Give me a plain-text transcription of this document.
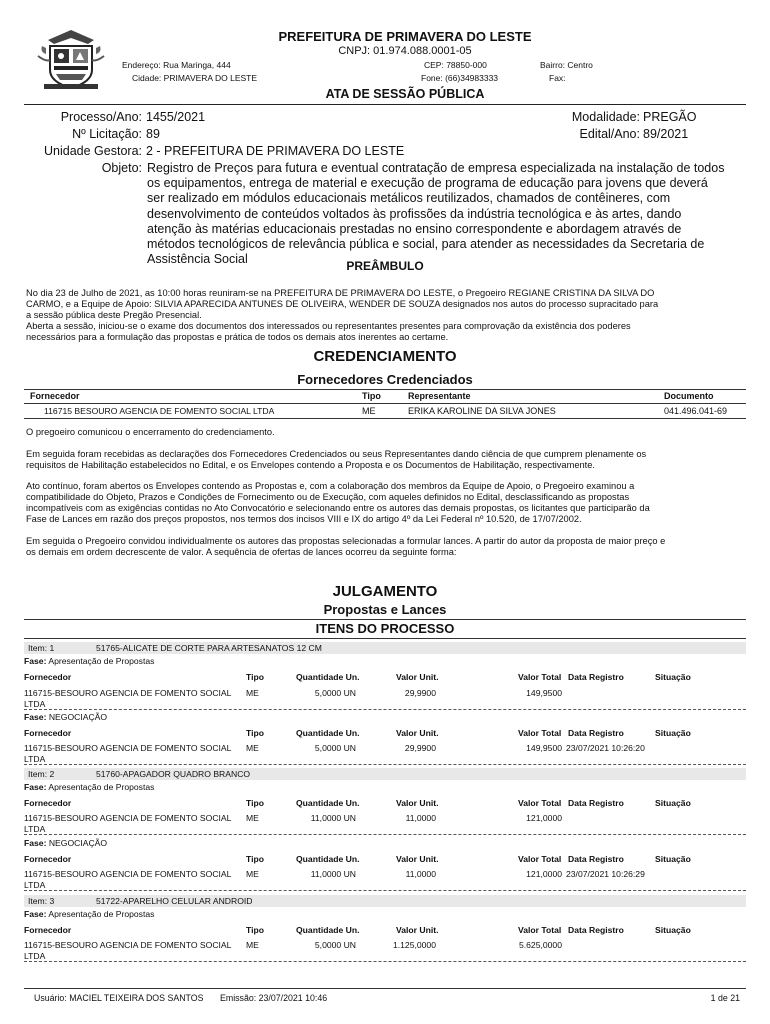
PREFEITURA DE PRIMAVERA DO LESTE
CNPJ: 01.974.088.0001-05
Endereço: Rua Maringa, 444
Cidade: PRIMAVERA DO LESTE
CEP: 78850-000
Fone: (66)34983333
Bairro: Centro
Fax:
ATA DE SESSÃO PÚBLICA
Processo/Ano: 1455/2021
Nº Licitação: 89
Unidade Gestora: 2 - PREFEITURA DE PRIMAVERA DO LESTE
Objeto:
Modalidade: PREGÃO
Edital/Ano: 89/2021
Registro de Preços para futura e eventual contratação de empresa especializada na instalação de todos
os equipamentos, entrega de material e execução de programa de educação para jovens que deverá
ser realizado em módulos educacionais metálicos reutilizados, chamados de contêineres, com
desenvolvimento de conteúdos voltados às profissões da indústria tecnológica e às artes, dando
atenção às matérias educacionais prestadas no ensino correspondente e abordagem através de
métodos tecnológicos de relevância pública e social, para atender as necessidades da Secretaria de
Assistência Social	PREÂMBULO
No dia 23 de Julho de 2021, as 10:00 horas reuniram-se na PREFEITURA DE PRIMAVERA DO LESTE, o Pregoeiro REGIANE CRISTINA DA SILVA DO
CARMO, e a Equipe de Apoio: SILVIA APARECIDA ANTUNES DE OLIVEIRA, WENDER DE SOUZA designados nos autos do processo supracitado para
a sessão pública deste Pregão Presencial.
Aberta a sessão, iniciou-se o exame dos documentos dos interessados ou representantes presentes para comprovação da existência dos poderes
necessários para a formulação das propostas e prática de todos os demais atos inerentes ao certame.
CREDENCIAMENTO
Fornecedores Credenciados
Fornecedor	Tipo	Representante	Documento
116715 BESOURO AGENCIA DE FOMENTO SOCIAL LTDA	ME	ERIKA KAROLINE DA SILVA JONES	041.496.041-69
O pregoeiro comunicou o encerramento do credenciamento.
Em seguida foram recebidas as declarações dos Fornecedores Credenciados ou seus Representantes dando ciência de que cumprem plenamente os
requisitos de Habilitação estabelecidos no Edital, e os Envelopes contendo a Proposta e os Documentos de Habilitação, respectivamente.
Ato contínuo, foram abertos os Envelopes contendo as Propostas e, com a colaboração dos membros da Equipe de Apoio, o Pregoeiro examinou a
compatibilidade do Objeto, Prazos e Condições de Fornecimento ou de Execução, com aqueles definidos no Edital, desclassificando as propostas
incompatíveis com as exigências contidas no Ato Convocatório e selecionando entre os autores das demais propostas, os licitantes que participarão da
Fase de Lances em razão dos preços propostos, nos termos dos incisos VIII e IX do artigo 4º da Lei Federal nº 10.520, de 17/07/2002.
Em seguida o Pregoeiro convidou individualmente os autores das propostas selecionadas a formular lances. A partir do autor da proposta de maior preço e
os demais em ordem decrescente de valor. A sequência de ofertas de lances ocorreu da seguinte forma:
JULGAMENTO
Propostas e Lances
ITENS DO PROCESSO
Item: 1	51765-ALICATE DE CORTE PARA ARTESANATOS 12 CM
Fase: Apresentação de Propostas
Fornecedor	Tipo	Quantidade Un.	Valor Unit.	Valor Total Data Registro	Situação
116715-BESOURO AGENCIA DE FOMENTO SOCIAL
LTDA
ME	5,0000 UN	29,9900	149,9500
Fase: NEGOCIAÇÃO
Fornecedor	Tipo	Quantidade Un.	Valor Unit.	Valor Total Data Registro	Situação
116715-BESOURO AGENCIA DE FOMENTO SOCIAL
LTDA
ME	5,0000 UN	29,9900	149,9500 23/07/2021 10:26:20
Item: 2	51760-APAGADOR QUADRO BRANCO
Fase: Apresentação de Propostas
Fornecedor	Tipo	Quantidade Un.	Valor Unit.	Valor Total Data Registro	Situação
116715-BESOURO AGENCIA DE FOMENTO SOCIAL
LTDA
ME	11,0000 UN	11,0000	121,0000
Fase: NEGOCIAÇÃO
Fornecedor	Tipo	Quantidade Un.	Valor Unit.	Valor Total Data Registro	Situação
116715-BESOURO AGENCIA DE FOMENTO SOCIAL
LTDA
ME	11,0000 UN	11,0000	121,0000 23/07/2021 10:26:29
Item: 3	51722-APARELHO CELULAR ANDROID
Fase: Apresentação de Propostas
Fornecedor	Tipo	Quantidade Un.	Valor Unit.	Valor Total Data Registro	Situação
116715-BESOURO AGENCIA DE FOMENTO SOCIAL
LTDA
ME	5,0000 UN	1.125,0000	5.625,0000
Usuário: MACIEL TEIXEIRA DOS SANTOS Emissão: 23/07/2021 10:46	1 de 21
